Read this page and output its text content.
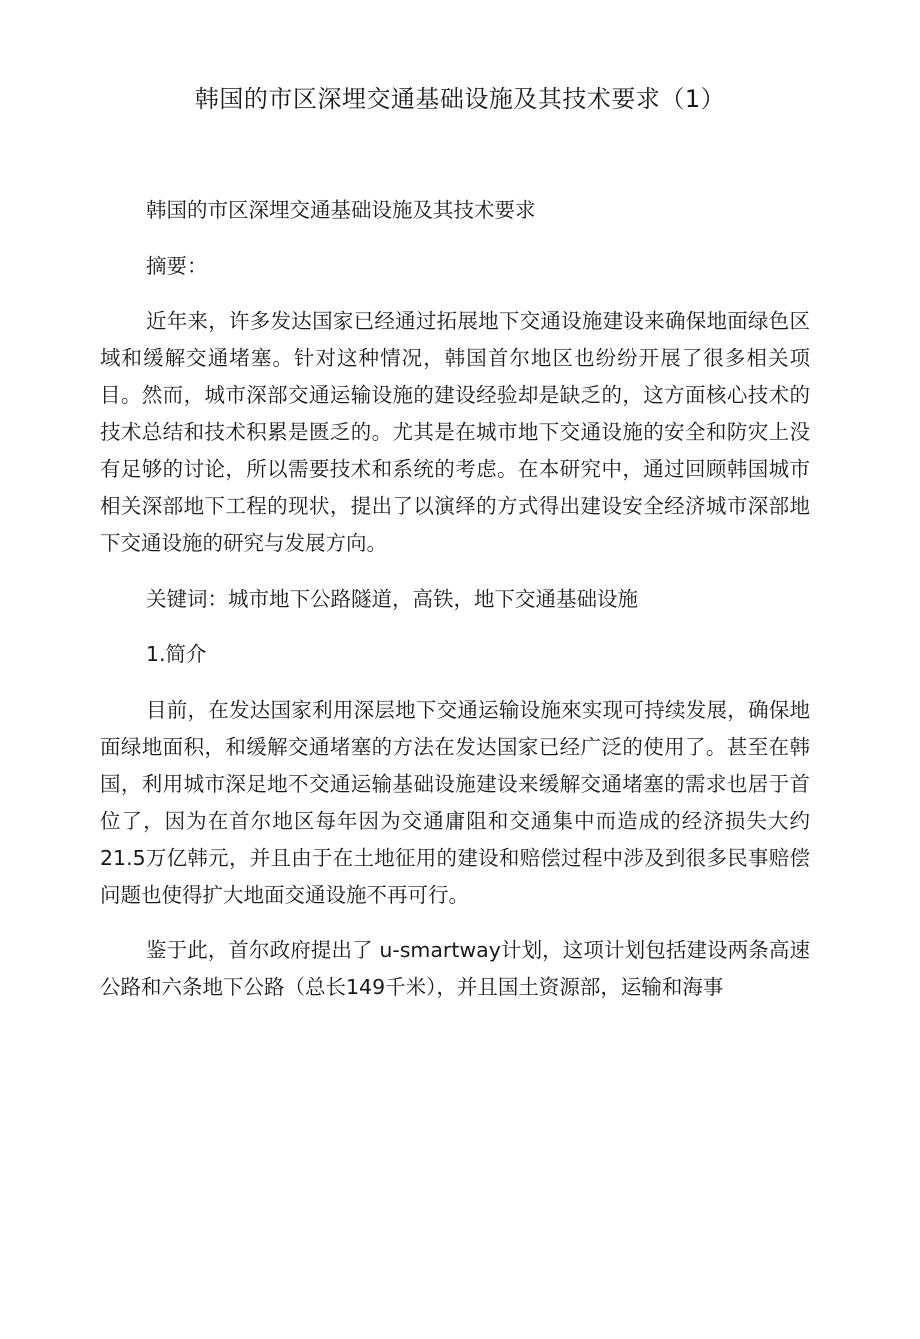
韩国的市区深埋交通基础设施及其技术要求（1）

韩国的市区深埋交通基础设施及其技术要求

摘要：

近年来，许多发达国家已经通过拓展地下交通设施建设来确保地面绿色区域和缓解交通堵塞。针对这种情况，韩国首尔地区也纷纷开展了很多相关项目。然而，城市深部交通运输设施的建设经验却是缺乏的，这方面核心技术的技术总结和技术积累是匮乏的。尤其是在城市地下交通设施的安全和防灾上没有足够的讨论，所以需要技术和系统的考虑。在本研究中，通过回顾韩国城市相关深部地下工程的现状，提出了以演绎的方式得出建设安全经济城市深部地下交通设施的研究与发展方向。

关键词：城市地下公路隧道，高铁，地下交通基础设施

1.简介

目前，在发达国家利用深层地下交通运输设施來实现可持续发展，确保地面绿地面积，和缓解交通堵塞的方法在发达国家已经广泛的使用了。甚至在韩国，利用城市深足地不交通运输基础设施建设来缓解交通堵塞的需求也居于首位了，因为在首尔地区每年因为交通庸阻和交通集中而造成的经济损失大约21.5万亿韩元，并且由于在土地征用的建设和赔偿过程中涉及到很多民事赔偿问题也使得扩大地面交通设施不再可行。

鉴于此，首尔政府提出了 u-smartway计划，这项计划包括建设两条高速公路和六条地下公路（总长149千米），并且国土资源部，运输和海事
